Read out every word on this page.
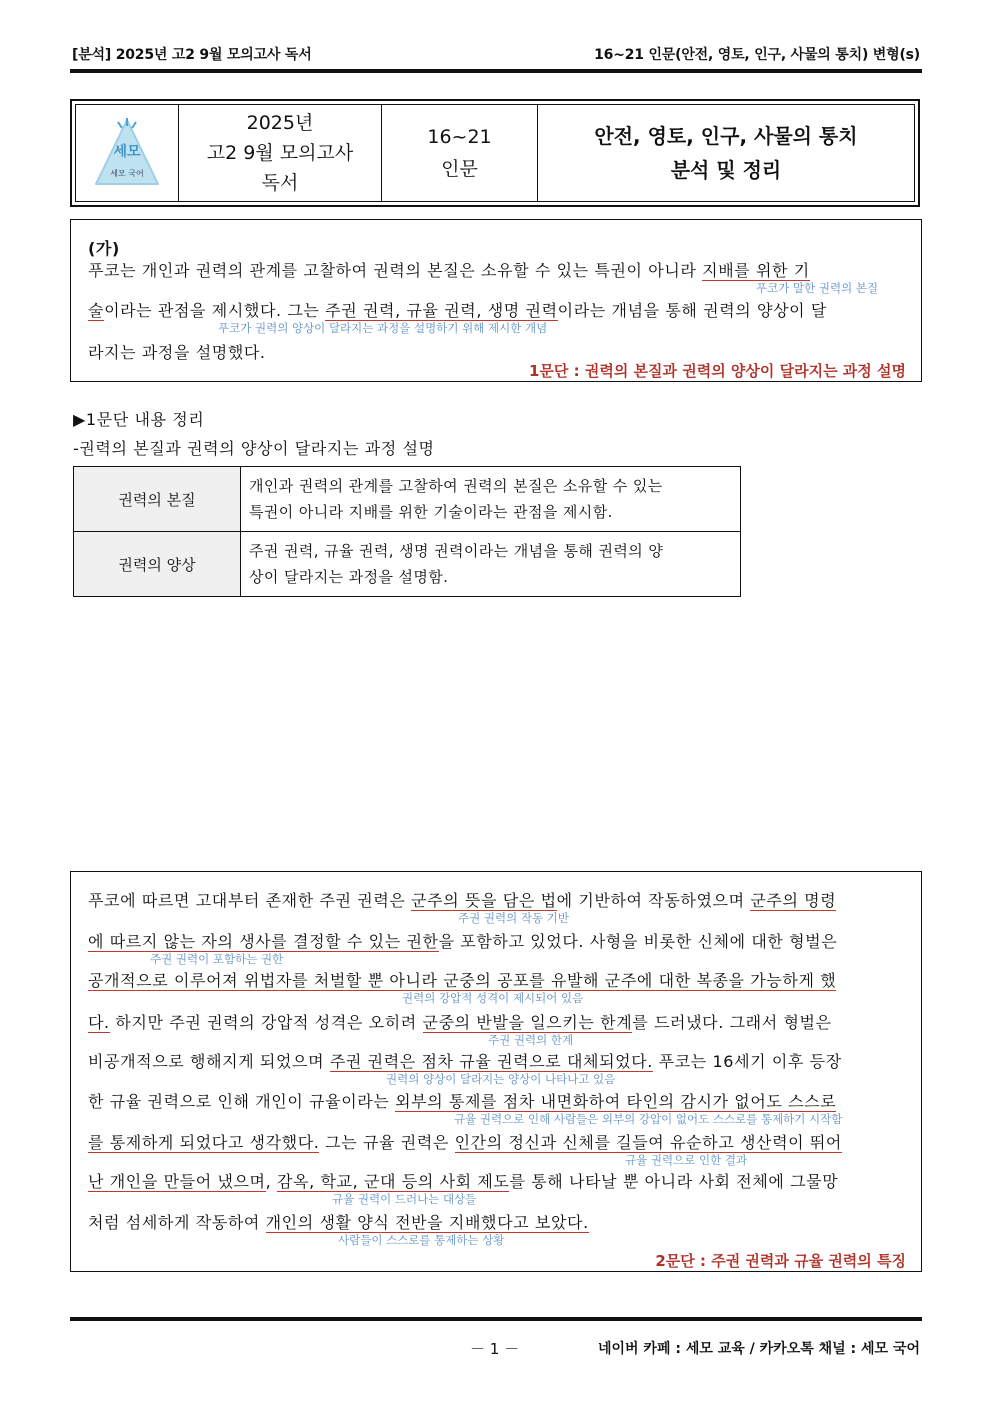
[분석] 2025년 고2 9월 모의고사 독서	16~21 인문(안전, 영토, 인구, 사물의 통치) 변형(s)
세모
세모 국어
2025년
고2 9월 모의고사
독서
16~21
인문
안전, 영토, 인구, 사물의 통치
분석 및 정리
(가)
푸코는 개인과 권력의 관계를 고찰하여 권력의 본질은 소유할 수 있는 특권이 아니라 지배를 위한 기
푸코가 말한 권력의 본질
술이라는 관점을 제시했다. 그는 주권 권력, 규율 권력, 생명 권력이라는 개념을 통해 권력의 양상이 달
푸코가 권력의 양상이 달라지는 과정을 설명하기 위해 제시한 개념
라지는 과정을 설명했다.
1문단 : 권력의 본질과 권력의 양상이 달라지는 과정 설명
▶1문단 내용 정리
-권력의 본질과 권력의 양상이 달라지는 과정 설명
권력의 본질	개인과 권력의 관계를 고찰하여 권력의 본질은 소유할 수 있는
특권이 아니라 지배를 위한 기술이라는 관점을 제시함.

권력의 양상	주권 권력, 규율 권력, 생명 권력이라는 개념을 통해 권력의 양
상이 달라지는 과정을 설명함.
푸코에 따르면 고대부터 존재한 주권 권력은 군주의 뜻을 담은 법에 기반하여 작동하였으며 군주의 명령
주권 권력의 작동 기반
에 따르지 않는 자의 생사를 결정할 수 있는 권한을 포함하고 있었다. 사형을 비롯한 신체에 대한 형벌은
주권 권력이 포함하는 권한
공개적으로 이루어져 위법자를 처벌할 뿐 아니라 군중의 공포를 유발해 군주에 대한 복종을 가능하게 했
권력의 강압적 성격이 제시되어 있음
다. 하지만 주권 권력의 강압적 성격은 오히려 군중의 반발을 일으키는 한계를 드러냈다. 그래서 형벌은
주권 권력의 한계
비공개적으로 행해지게 되었으며 주권 권력은 점차 규율 권력으로 대체되었다. 푸코는 16세기 이후 등장
권력의 양상이 달라지는 양상이 나타나고 있음
한 규율 권력으로 인해 개인이 규율이라는 외부의 통제를 점차 내면화하여 타인의 감시가 없어도 스스로
규율 권력으로 인해 사람들은 외부의 강압이 없어도 스스로를 통제하기 시작함
를 통제하게 되었다고 생각했다. 그는 규율 권력은 인간의 정신과 신체를 길들여 유순하고 생산력이 뛰어
규율 권력으로 인한 결과
난 개인을 만들어 냈으며, 감옥, 학교, 군대 등의 사회 제도를 통해 나타날 뿐 아니라 사회 전체에 그물망
규율 권력이 드러나는 대상들
처럼 섬세하게 작동하여 개인의 생활 양식 전반을 지배했다고 보았다.
사람들이 스스로를 통제하는 상황
2문단 : 주권 권력과 규율 권력의 특징
－ 1 －	네이버 카페 : 세모 교육 / 카카오톡 채널 : 세모 국어
